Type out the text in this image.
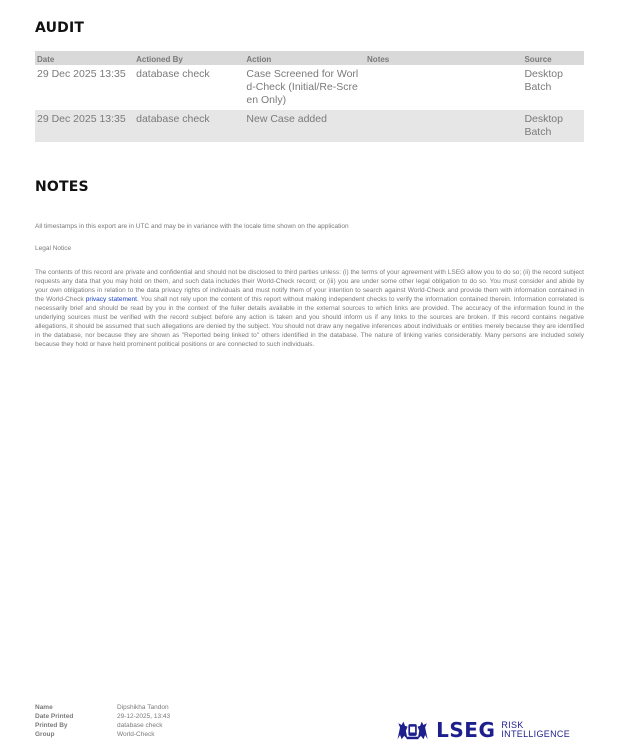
AUDIT
Date	Actioned By	Action	Notes	Source
29 Dec 2025 13:35	database check	Case Screened for World-Check (Initial/Re-Screen Only)		Desktop Batch
29 Dec 2025 13:35	database check	New Case added		Desktop Batch
NOTES
All timestamps in this export are in UTC and may be in variance with the locale time shown on the application
Legal Notice
The contents of this record are private and confidential and should not be disclosed to third parties unless: (i) the terms of your agreement with LSEG allow you to do so; (ii) the record subject requests any data that you may hold on them, and such data includes their World-Check record; or (iii) you are under some other legal obligation to do so. You must consider and abide by your own obligations in relation to the data privacy rights of individuals and must notify them of your intention to search against World-Check and provide them with information contained in the World-Check privacy statement. You shall not rely upon the content of this report without making independent checks to verify the information contained therein. Information correlated is necessarily brief and should be read by you in the context of the fuller details available in the external sources to which links are provided. The accuracy of the information found in the underlying sources must be verified with the record subject before any action is taken and you should inform us if any links to the sources are broken. If this record contains negative allegations, it should be assumed that such allegations are denied by the subject. You should not draw any negative inferences about individuals or entities merely because they are identified in the database, nor because they are shown as "Reported being linked to" others identified in the database. The nature of linking varies considerably. Many persons are included solely because they hold or have held prominent political positions or are connected to such individuals.
Name	Dipshikha Tandon
Date Printed	29-12-2025, 13:43
Printed By	database check
Group	World-Check	LSEG RISK
INTELLIGENCE
